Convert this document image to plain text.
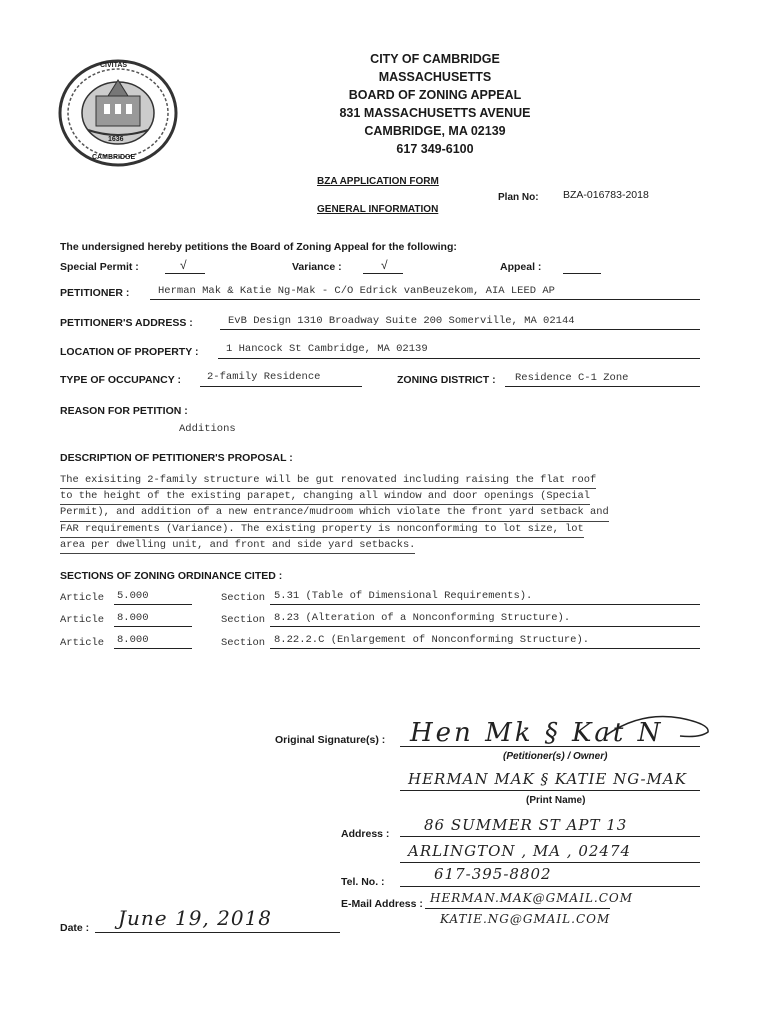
CIVITAS
CAMBRIDGE
1636
CITY OF CAMBRIDGE
MASSACHUSETTS
BOARD OF ZONING APPEAL
831 MASSACHUSETTS AVENUE
CAMBRIDGE, MA 02139
617 349-6100
BZA APPLICATION FORM
GENERAL INFORMATION
Plan No: BZA-016783-2018
The undersigned hereby petitions the Board of Zoning Appeal for the following:
Special Permit :	√	Variance :	√	Appeal :
PETITIONER :	Herman Mak & Katie Ng-Mak - C/O Edrick vanBeuzekom, AIA LEED AP
PETITIONER'S ADDRESS :	EvB Design 1310 Broadway Suite 200 Somerville, MA 02144
LOCATION OF PROPERTY :	1 Hancock St Cambridge, MA 02139
TYPE OF OCCUPANCY : 2-family Residence	ZONING DISTRICT : Residence C-1 Zone
REASON FOR PETITION :
Additions
DESCRIPTION OF PETITIONER'S PROPOSAL :
The exisiting 2-family structure will be gut renovated including raising the flat roof
to the height of the existing parapet, changing all window and door openings (Special
Permit), and addition of a new entrance/mudroom which violate the front yard setback and
FAR requirements (Variance). The existing property is nonconforming to lot size, lot
area per dwelling unit, and front and side yard setbacks.
SECTIONS OF ZONING ORDINANCE CITED :
Article 5.000	Section 5.31 (Table of Dimensional Requirements).
Article 8.000	Section 8.23 (Alteration of a Nonconforming Structure).
Article 8.000	Section 8.22.2.C (Enlargement of Nonconforming Structure).
Original Signature(s) : Hen Mk § Kat N
(Petitioner(s) / Owner)
HERMAN MAK § KATIE NG-MAK
(Print Name)
Address : 86 SUMMER ST APT 13
ARLINGTON , MA , 02474
Tel. No. :	617-395-8802
E-Mail Address : HERMAN.MAK@GMAIL.COM
KATIE.NG@GMAIL.COM
Date : June 19, 2018
